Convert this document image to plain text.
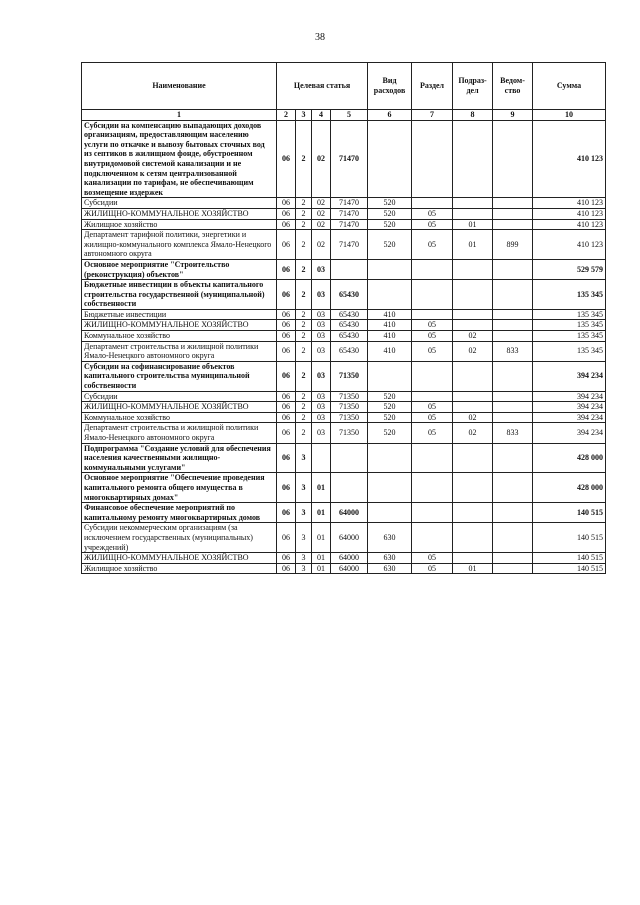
38
Наименование	Целевая статья				Вид расходов	Раздел	Подраз-дел	Ведом-ство	Сумма
1	2	3	4	5	6	7	8	9	10
Субсидии на компенсацию выпадающих доходов организациям, предоставляющим населению услуги по откачке и вывозу бытовых сточных вод из септиков в жилищном фонде, обустроенном внутридомовой системой канализации и не подключенном к сетям централизованной канализации по тарифам, не обеспечивающим возмещение издержек	06	2	02	71470					410 123
Субсидии	06	2	02	71470	520				410 123
ЖИЛИЩНО-КОММУНАЛЬНОЕ ХОЗЯЙСТВО	06	2	02	71470	520	05			410 123
Жилищное хозяйство	06	2	02	71470	520	05	01		410 123
Департамент тарифной политики, энергетики и жилищно-коммунального комплекса Ямало-Ненецкого автономного округа	06	2	02	71470	520	05	01	899	410 123
Основное мероприятие "Строительство (реконструкция) объектов"	06	2	03						529 579
Бюджетные инвестиции в объекты капитального строительства государственной (муниципальной) собственности	06	2	03	65430					135 345
Бюджетные инвестиции	06	2	03	65430	410				135 345
ЖИЛИЩНО-КОММУНАЛЬНОЕ ХОЗЯЙСТВО	06	2	03	65430	410	05			135 345
Коммунальное хозяйство	06	2	03	65430	410	05	02		135 345
Департамент строительства и жилищной политики Ямало-Ненецкого автономного округа	06	2	03	65430	410	05	02	833	135 345
Субсидии на софинансирование объектов капитального строительства муниципальной собственности	06	2	03	71350					394 234
Субсидии	06	2	03	71350	520				394 234
ЖИЛИЩНО-КОММУНАЛЬНОЕ ХОЗЯЙСТВО	06	2	03	71350	520	05			394 234
Коммунальное хозяйство	06	2	03	71350	520	05	02		394 234
Департамент строительства и жилищной политики Ямало-Ненецкого автономного округа	06	2	03	71350	520	05	02	833	394 234
Подпрограмма "Создание условий для обеспечения населения качественными жилищно-коммунальными услугами"	06	3							428 000
Основное мероприятие "Обеспечение проведения капитального ремонта общего имущества в многоквартирных домах"	06	3	01						428 000
Финансовое обеспечение мероприятий по капитальному ремонту многоквартирных домов	06	3	01	64000					140 515
Субсидии некоммерческим организациям (за исключением государственных (муниципальных) учреждений)	06	3	01	64000	630				140 515
ЖИЛИЩНО-КОММУНАЛЬНОЕ ХОЗЯЙСТВО	06	3	01	64000	630	05			140 515
Жилищное хозяйство	06	3	01	64000	630	05	01		140 515
